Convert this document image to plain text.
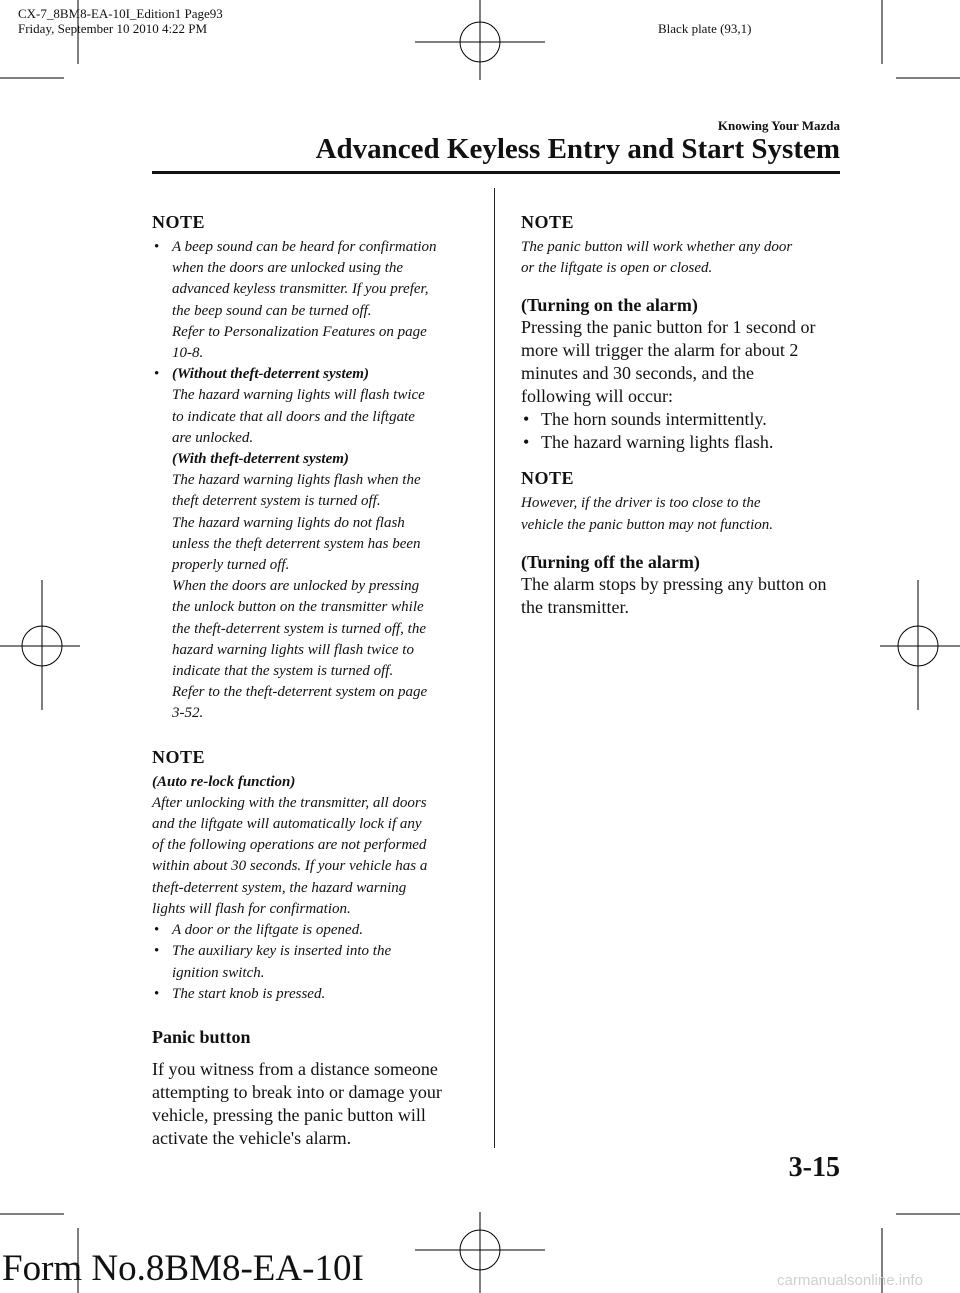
CX-7_8BM8-EA-10I_Edition1 Page93
Friday, September 10 2010 4:22 PM	Black plate (93,1)
Knowing Your Mazda
Advanced Keyless Entry and Start System
NOTE
• A beep sound can be heard for confirmation
when the doors are unlocked using the
advanced keyless transmitter. If you prefer,
the beep sound can be turned off.
Refer to Personalization Features on page
10-8.
• (Without theft-deterrent system)
The hazard warning lights will flash twice
to indicate that all doors and the liftgate
are unlocked.
(With theft-deterrent system)
The hazard warning lights flash when the
theft deterrent system is turned off.
The hazard warning lights do not flash
unless the theft deterrent system has been
properly turned off.
When the doors are unlocked by pressing
the unlock button on the transmitter while
the theft-deterrent system is turned off, the
hazard warning lights will flash twice to
indicate that the system is turned off.
Refer to the theft-deterrent system on page
3-52.
NOTE
(Auto re-lock function)
After unlocking with the transmitter, all doors
and the liftgate will automatically lock if any
of the following operations are not performed
within about 30 seconds. If your vehicle has a
theft-deterrent system, the hazard warning
lights will flash for confirmation.
• A door or the liftgate is opened.
• The auxiliary key is inserted into the
ignition switch.
• The start knob is pressed.
Panic button
If you witness from a distance someone
attempting to break into or damage your
vehicle, pressing the panic button will
activate the vehicle's alarm.
NOTE
The panic button will work whether any door
or the liftgate is open or closed.
(Turning on the alarm)
Pressing the panic button for 1 second or
more will trigger the alarm for about 2
minutes and 30 seconds, and the
following will occur:
• The horn sounds intermittently.
• The hazard warning lights flash.
NOTE
However, if the driver is too close to the
vehicle the panic button may not function.
(Turning off the alarm)
The alarm stops by pressing any button on
the transmitter.
3-15
Form No.8BM8-EA-10I	carmanualsonline.info
